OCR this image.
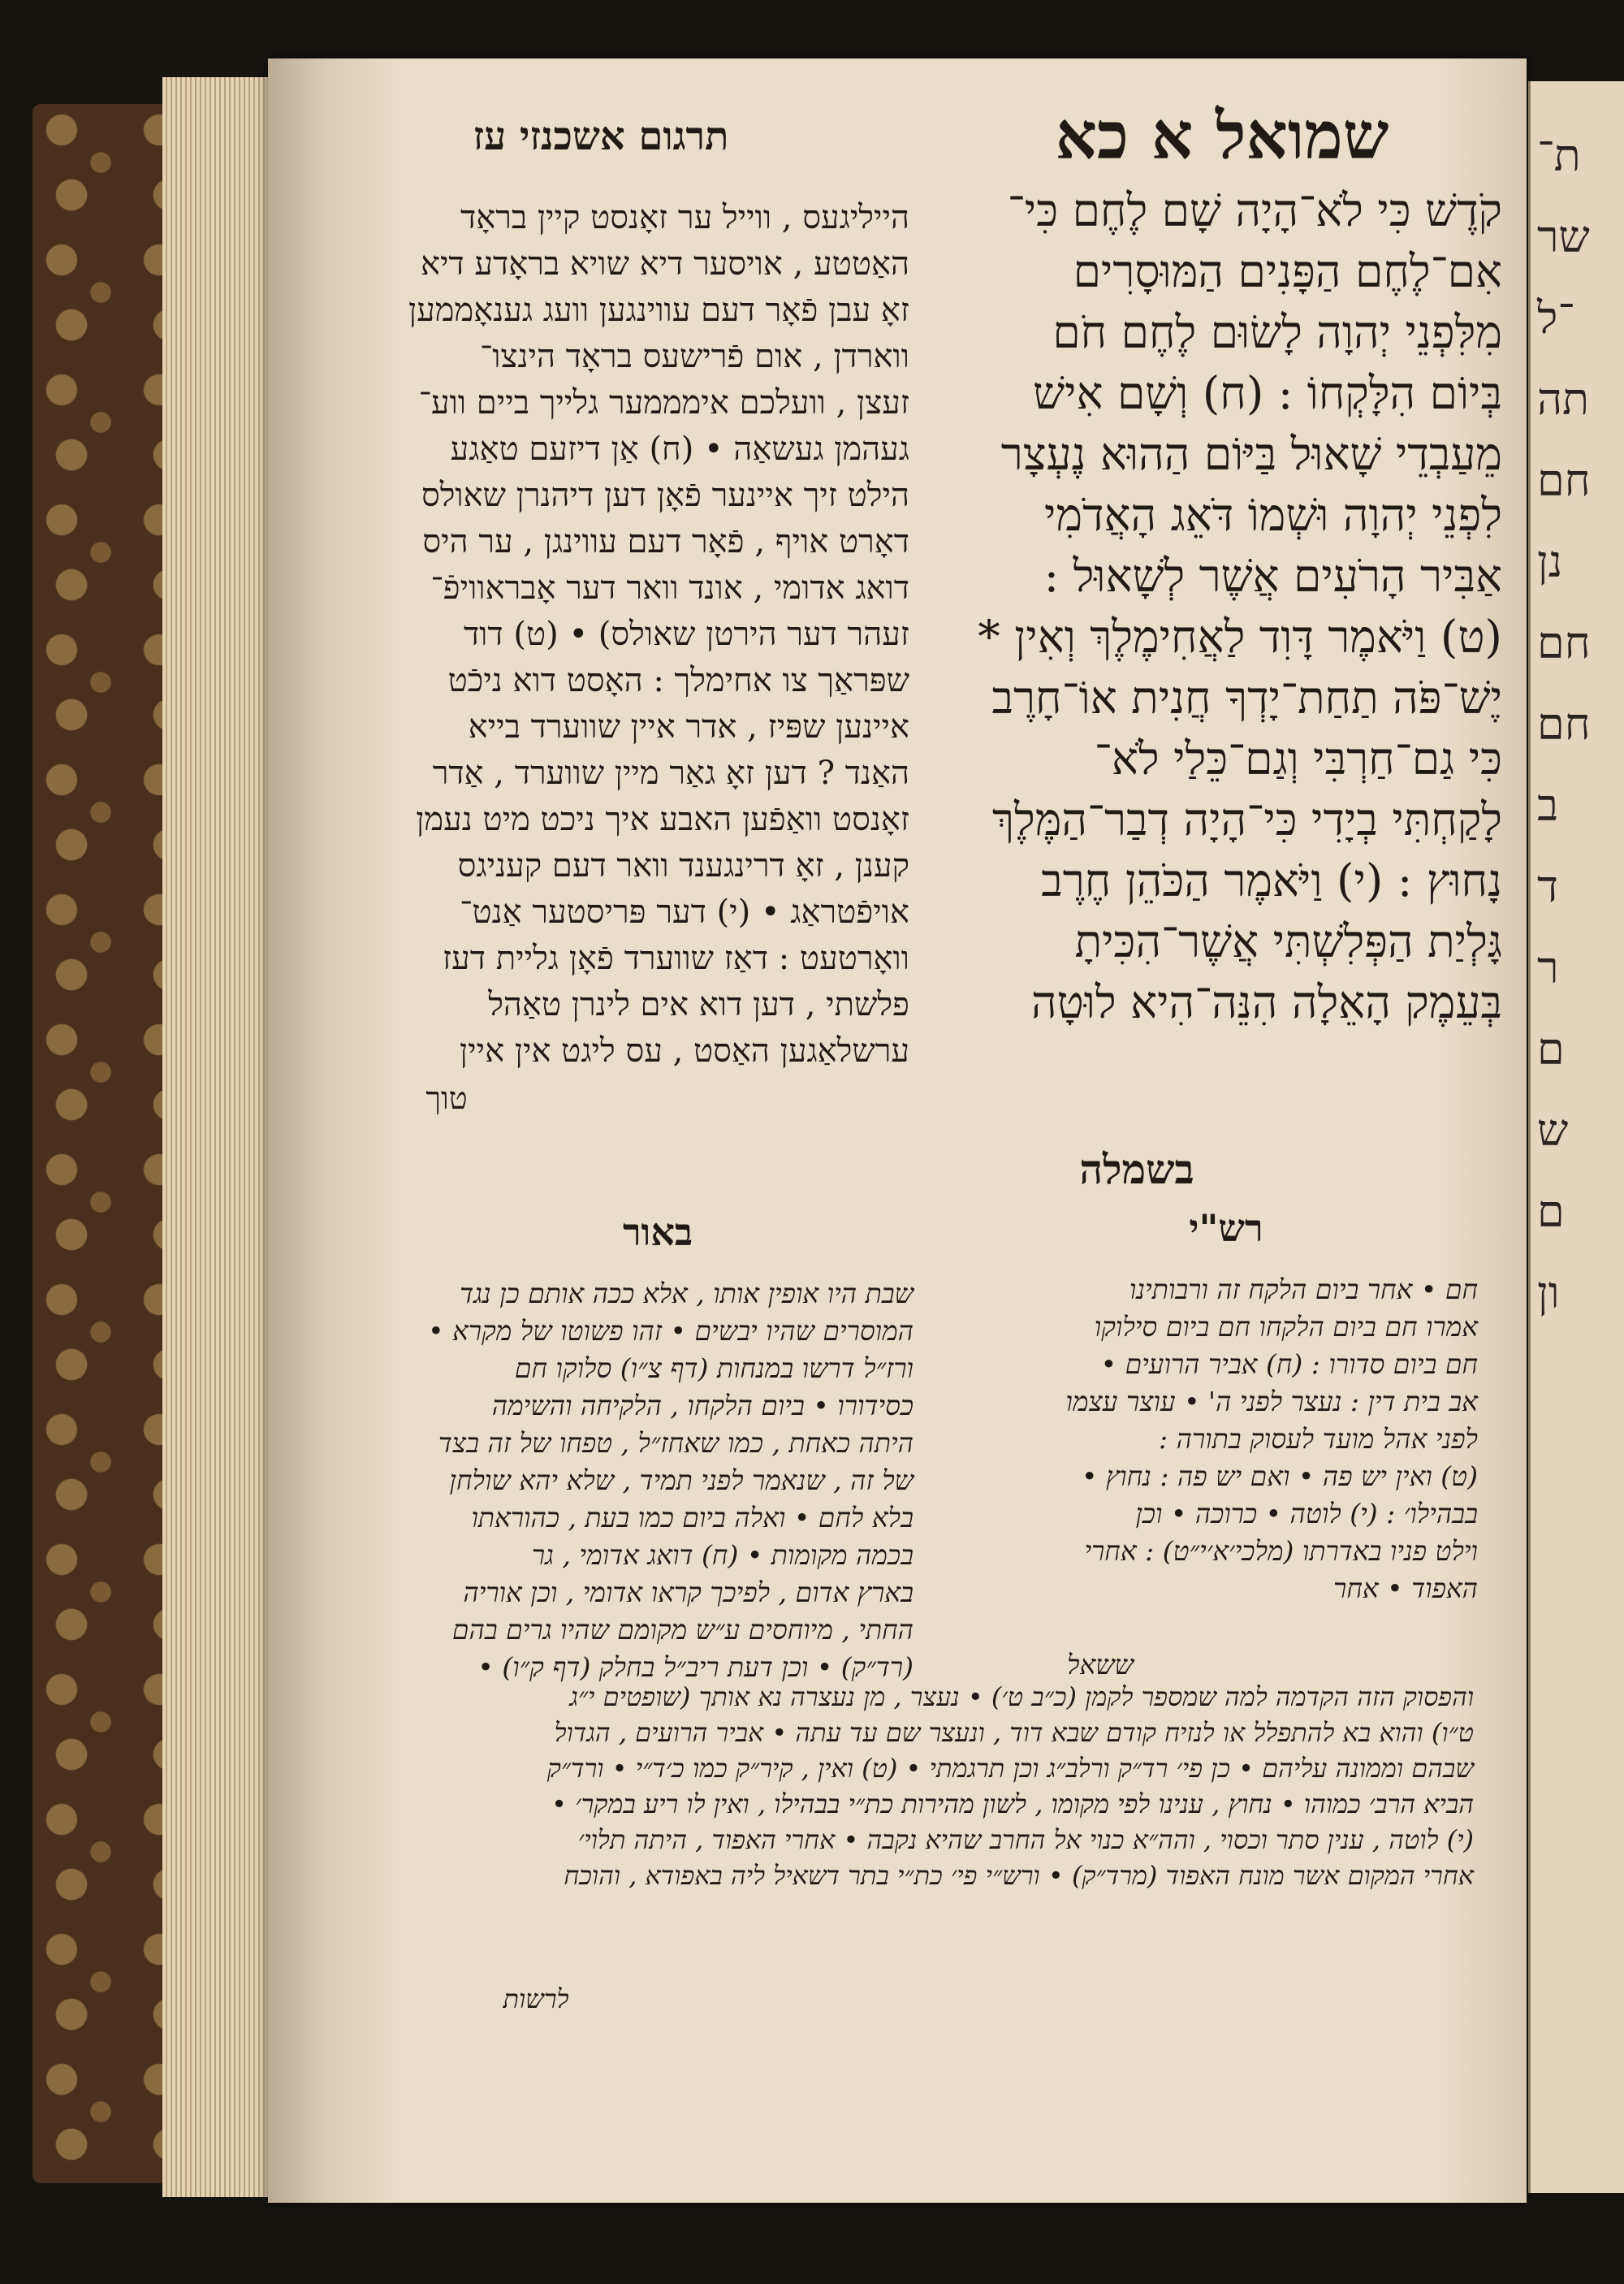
ת־
שר
־ל
תה
חם
נן
חם
חם
ב
ד
ר
ם
ש
ם
ון
תרגום אשכנזי עז	שמואל א כא
הייליגעס , ווייל ער זאָנסט קיין בראָד
האַטטע , אויסער דיא שויא בראָדע דיא
זאָ עבן פֿאָר דעם עווינגען וועג גענאָממען
ווארדן , אום פֿרישעס בראָד הינצו־
זעצן , וועלכם אימממער גלייך ביים ווע־
געהמן געשאַה • (ח) אַן דיזעם טאַגע
הילט זיך איינער פֿאָן דען דיהנרן שאולס
דאָרט אויף , פֿאָר דעם עווינגן , ער היס
דואג אדומי , אונד וואר דער אָבראוויפֿ־
זעהר דער הירטן שאולס) • (ט) דוד
שפּראַך צו אחימלך : האָסט דוא ניכֿט
איינען שפּיז , אדר איין שווערד בייא
האַנד ? דען זאָ גאַר מיין שווערד , אַדר
זאָנסט וואַפֿען האבע איך ניכט מיט נעמן
קענן , זאָ דרינגענד וואר דעם קעניגס
אויפֿטראַג • (י) דער פּריסטער אַנט־
וואָרטעט : דאַז שווערד פֿאָן גליית דעז
פלשתי , דען דוא אים לינרן טאַהל
ערשלאַגען האַסט , עס ליגט אין איין
טוך
קֹדֶשׁ כִּי לֹא־הָיָה שָׁם לֶחֶם כִּי־
אִם־לֶחֶם הַפָּנִים הַמּוּסָרִים
מִלִּפְנֵי יְהוָה לָשׂוּם לֶחֶם חֹם
בְּיוֹם הִלָּקְחוֹ : (ח) וְשָׁם אִישׁ
מֵעַבְדֵי שָׁאוּל בַּיּוֹם הַהוּא נֶעְצָר
לִפְנֵי יְהוָה וּשְׁמוֹ דֹּאֵג הָאֲדֹמִי
אַבִּיר הָרֹעִים אֲשֶׁר לְשָׁאוּל :
(ט) וַיֹּאמֶר דָּוִד לַאֲחִימֶלֶךְ וְאִין *
יֶשׁ־פֹּה תַחַת־יָדְךָ חֲנִית אוֹ־חָרֶב
כִּי גַם־חַרְבִּי וְגַם־כֵּלַי לֹא־
לָקַחְתִּי בְיָדִי כִּי־הָיָה דְבַר־הַמֶּלֶךְ
נָחוּץ : (י) וַיֹּאמֶר הַכֹּהֵן חֶרֶב
גָּלְיַת הַפְּלִשְׁתִּי אֲשֶׁר־הִכִּיתָ
בְּעֵמֶק הָאֵלָה הִנֵּה־הִיא לוּטָה
בשמלה
רש"י
באור
חם • אחר ביום הלקח זה ורבותינו
אמרו חם ביום הלקחו חם ביום סילוקו
חם ביום סדורו : (ח) אביר הרועים •
אב בית דין : נעצר לפני ה' • עוצר עצמו
לפני אהל מועד לעסוק בתורה :
(ט) ואין יש פה • ואם יש פה : נחוץ •
בבהילו׳ : (י) לוטה • כרוכה • וכן
וילט פניו באדרתו (מלכי׳א׳י״ט) : אחרי
האפוד • אחר
ששאל
שבת היו אופין אותו , אלא ככה אותם כן נגד
המוסרים שהיו יבשים • זהו פשוטו של מקרא •
ורז״ל דרשו במנחות (דף צ״ו) סלוקו חם
כסידורו • ביום הלקחו , הלקיחה והשימה
היתה כאחת , כמו שאחז״ל , טפחו של זה בצד
של זה , שנאמר לפני תמיד , שלא יהא שולחן
בלא לחם • ואלה ביום כמו בעת , כהוראתו
בכמה מקומות • (ח) דואג אדומי , גר
בארץ אדום , לפיכך קראו אדומי , וכן אוריה
החתי , מיוחסים ע״ש מקומם שהיו גרים בהם
(רד״ק) • וכן דעת ריב״ל בחלק (דף ק״ו) •
והפסוק הזה הקדמה למה שמספר לקמן (כ״ב ט׳) • נעצר , מן נעצרה נא אותך (שופטים י״ג
ט״ו) והוא בא להתפלל או לנזיח קודם שבא דוד , ונעצר שם עד עתה • אביר הרועים , הגדול
שבהם וממונה עליהם • כן פי׳ רד״ק ורלב״ג וכן תרגמתי • (ט) ואין , קיר״ק כמו כ׳ד״י • ורד״ק
הביא הרב׳ כמוהו • נחוץ , ענינו לפי מקומו , לשון מהירות כת״י בבהילו , ואין לו ריע במקר׳ •
(י) לוטה , ענין סתר וכסוי , והה״א כנוי אל החרב שהיא נקבה • אחרי האפוד , היתה תלוי׳
אחרי המקום אשר מונח האפוד (מרד״ק) • ורש״י פי׳ כת״י בתר דשאיל ליה באפודא , והוכח
לרשות
